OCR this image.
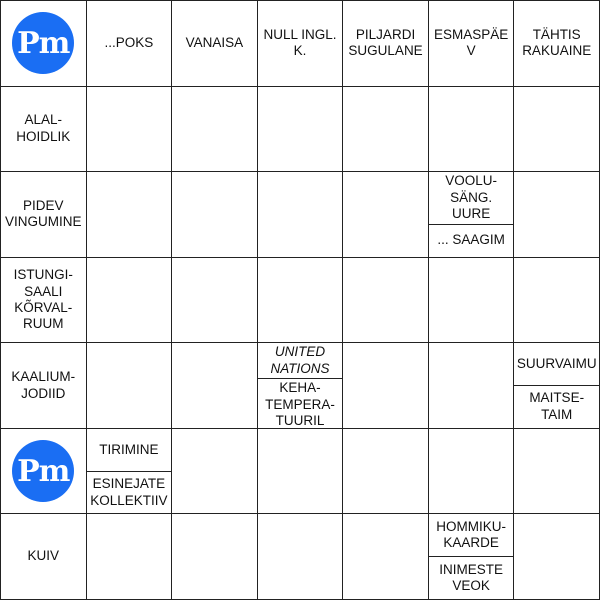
Pm	...POKS	VANAISA
NULL INGL.
K.
PILJARDI
SUGULANE
ESMASPÄEV
TÄHTIS
RAKUAINE
ALAL-
HOIDLIK
PIDEV
VINGUMINE
VOOLU-
SÄNG.
UURE
... SAAGIM
ISTUNGI-
SAALI
KÕRVAL-
RUUM
KAALIUM-
JODIID
UNITED
NATIONS
KEHA-
TEMPERA-
TUURIL
SUURVAIMU
MAITSE-
TAIM
Pm
TIRIMINE
ESINEJATE
KOLLEKTIIV
KUIV
HOMMIKU-
KAARDE
INIMESTE
VEOK
